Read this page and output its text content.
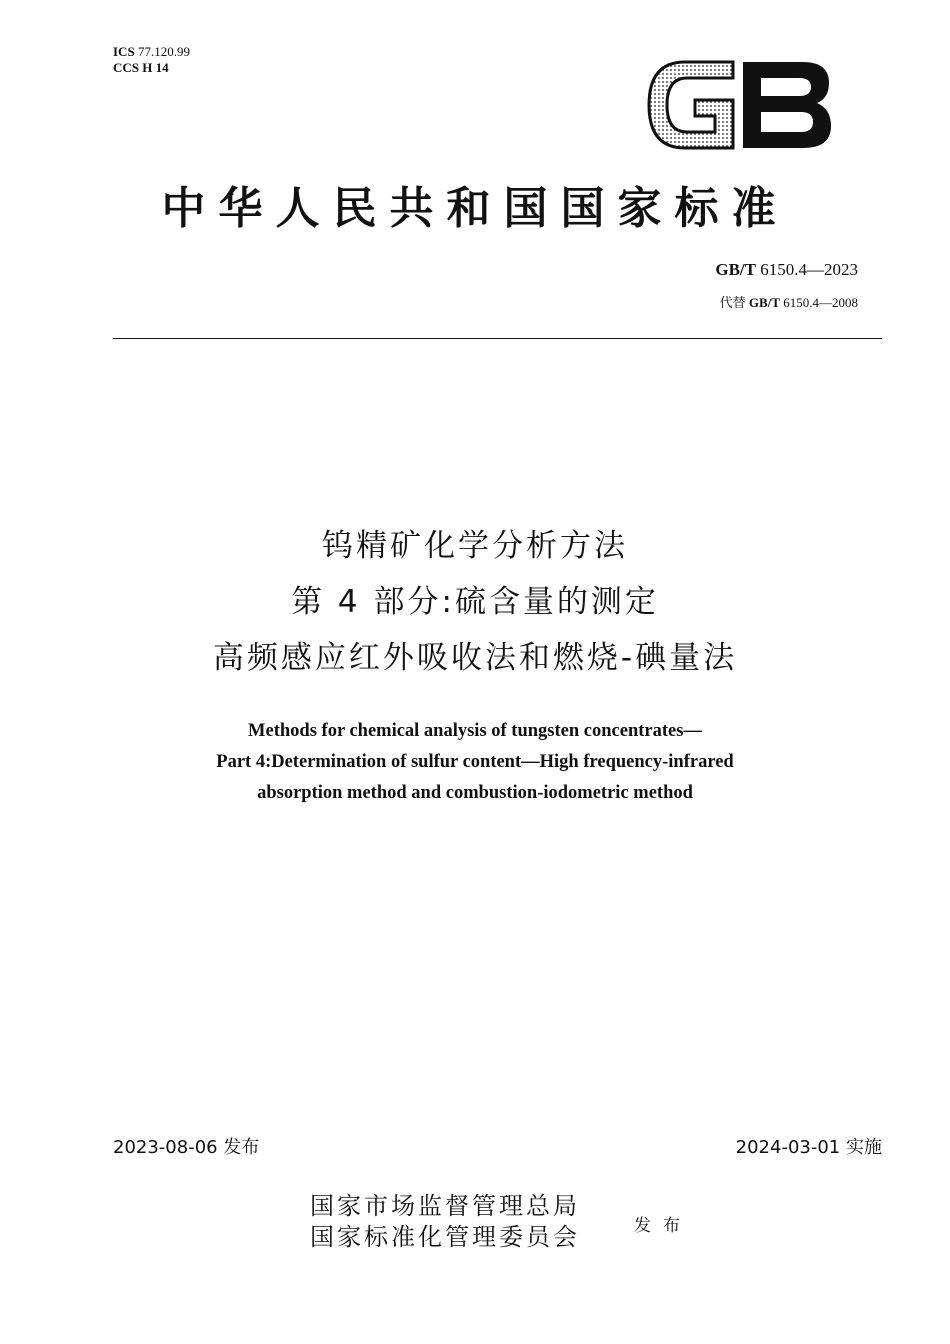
ICS 77.120.99
CCS H 14
中华人民共和国国家标准
GB/T 6150.4—2023
代替 GB/T 6150.4—2008
钨精矿化学分析方法
第 4 部分:硫含量的测定
高频感应红外吸收法和燃烧-碘量法
Methods for chemical analysis of tungsten concentrates—
Part 4:Determination of sulfur content—High frequency-infrared
absorption method and combustion-iodometric method
2023-08-06 发布	2024-03-01 实施
国家市场监督管理总局
国家标准化管理委员会	发布
